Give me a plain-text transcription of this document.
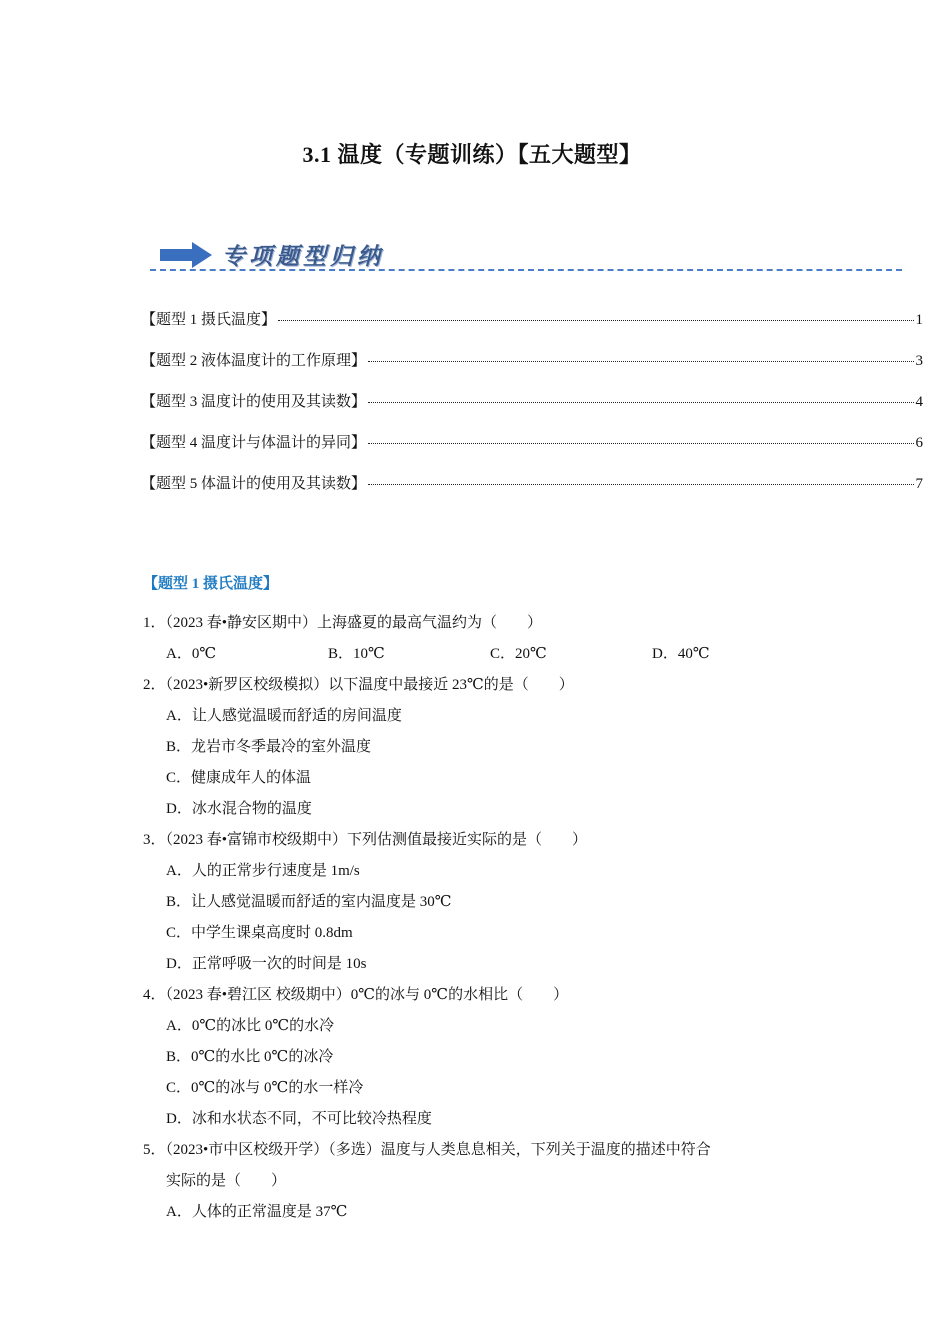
3.1 温度（专题训练）【五大题型】
专项题型归纳
【题型 1 摄氏温度】	1
【题型 2 液体温度计的工作原理】	3
【题型 3 温度计的使用及其读数】	4
【题型 4 温度计与体温计的异同】	6
【题型 5 体温计的使用及其读数】	7
【题型 1 摄氏温度】
1．（2023 春•静安区期中）上海盛夏的最高气温约为（　　）
A．0℃	B．10℃	C．20℃	D．40℃
2．（2023•新罗区校级模拟）以下温度中最接近 23℃的是（　　）
A．让人感觉温暖而舒适的房间温度
B．龙岩市冬季最冷的室外温度
C．健康成年人的体温
D．冰水混合物的温度
3．（2023 春•富锦市校级期中）下列估测值最接近实际的是（　　）
A．人的正常步行速度是 1m/s
B．让人感觉温暖而舒适的室内温度是 30℃
C．中学生课桌高度时 0.8dm
D．正常呼吸一次的时间是 10s
4．（2023 春•碧江区 校级期中）0℃的冰与 0℃的水相比（　　）
A．0℃的冰比 0℃的水冷
B．0℃的水比 0℃的冰冷
C．0℃的冰与 0℃的水一样冷
D．冰和水状态不同，不可比较冷热程度
5．（2023•市中区校级开学）（多选）温度与人类息息相关，下列关于温度的描述中符合
实际的是（　　）
A．人体的正常温度是 37℃
